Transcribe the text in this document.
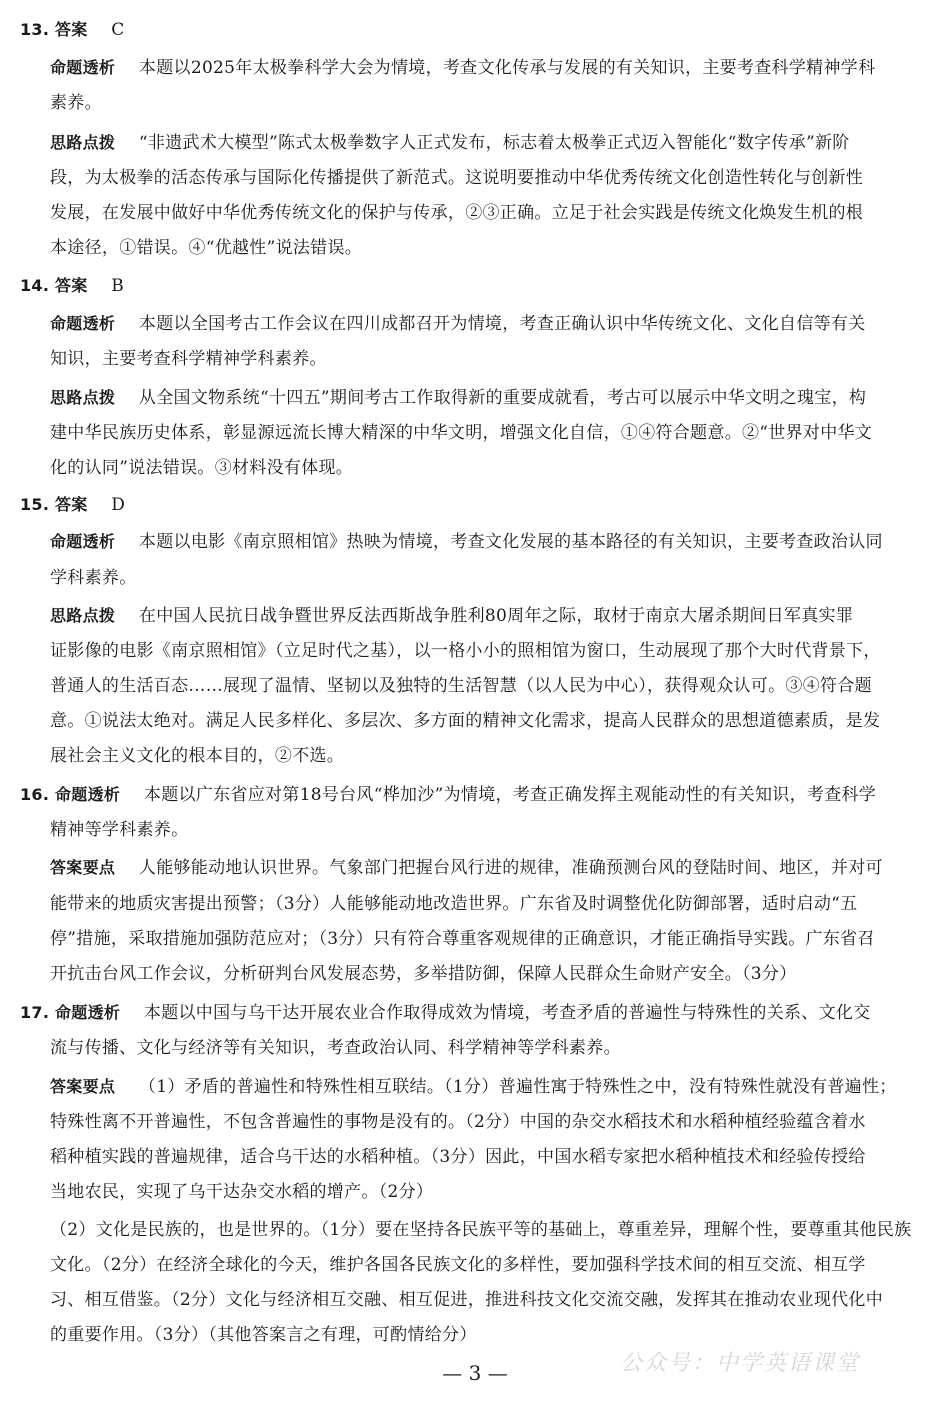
13. 答案 C
命题透析 本题以2025年太极拳科学大会为情境，考查文化传承与发展的有关知识，主要考查科学精神学科
素养。
思路点拨 “非遗武术大模型”陈式太极拳数字人正式发布，标志着太极拳正式迈入智能化“数字传承”新阶
段，为太极拳的活态传承与国际化传播提供了新范式。这说明要推动中华优秀传统文化创造性转化与创新性
发展，在发展中做好中华优秀传统文化的保护与传承，②③正确。立足于社会实践是传统文化焕发生机的根
本途径，①错误。④“优越性”说法错误。
14. 答案 B
命题透析 本题以全国考古工作会议在四川成都召开为情境，考查正确认识中华传统文化、文化自信等有关
知识，主要考查科学精神学科素养。
思路点拨 从全国文物系统“十四五”期间考古工作取得新的重要成就看，考古可以展示中华文明之瑰宝，构
建中华民族历史体系，彰显源远流长博大精深的中华文明，增强文化自信，①④符合题意。②“世界对中华文
化的认同”说法错误。③材料没有体现。
15. 答案 D
命题透析 本题以电影《南京照相馆》热映为情境，考查文化发展的基本路径的有关知识，主要考查政治认同
学科素养。
思路点拨 在中国人民抗日战争暨世界反法西斯战争胜利80周年之际，取材于南京大屠杀期间日军真实罪
证影像的电影《南京照相馆》（立足时代之基），以一格小小的照相馆为窗口，生动展现了那个大时代背景下，
普通人的生活百态……展现了温情、坚韧以及独特的生活智慧（以人民为中心），获得观众认可。③④符合题
意。①说法太绝对。满足人民多样化、多层次、多方面的精神文化需求，提高人民群众的思想道德素质，是发
展社会主义文化的根本目的，②不选。
16. 命题透析 本题以广东省应对第18号台风“桦加沙”为情境，考查正确发挥主观能动性的有关知识，考查科学
精神等学科素养。
答案要点 人能够能动地认识世界。气象部门把握台风行进的规律，准确预测台风的登陆时间、地区，并对可
能带来的地质灾害提出预警；（3分）人能够能动地改造世界。广东省及时调整优化防御部署，适时启动“五
停”措施，采取措施加强防范应对；（3分）只有符合尊重客观规律的正确意识，才能正确指导实践。广东省召
开抗击台风工作会议，分析研判台风发展态势，多举措防御，保障人民群众生命财产安全。（3分）
17. 命题透析 本题以中国与乌干达开展农业合作取得成效为情境，考查矛盾的普遍性与特殊性的关系、文化交
流与传播、文化与经济等有关知识，考查政治认同、科学精神等学科素养。
答案要点 （1）矛盾的普遍性和特殊性相互联结。（1分）普遍性寓于特殊性之中，没有特殊性就没有普遍性；
特殊性离不开普遍性，不包含普遍性的事物是没有的。（2分）中国的杂交水稻技术和水稻种植经验蕴含着水
稻种植实践的普遍规律，适合乌干达的水稻种植。（3分）因此，中国水稻专家把水稻种植技术和经验传授给
当地农民，实现了乌干达杂交水稻的增产。（2分）
（2）文化是民族的，也是世界的。（1分）要在坚持各民族平等的基础上，尊重差异，理解个性，要尊重其他民族
文化。（2分）在经济全球化的今天，维护各国各民族文化的多样性，要加强科学技术间的相互交流、相互学
习、相互借鉴。（2分）文化与经济相互交融、相互促进，推进科技文化交流交融，发挥其在推动农业现代化中
的重要作用。（3分）（其他答案言之有理，可酌情给分）
— 3 —	公众号：中学英语课堂
